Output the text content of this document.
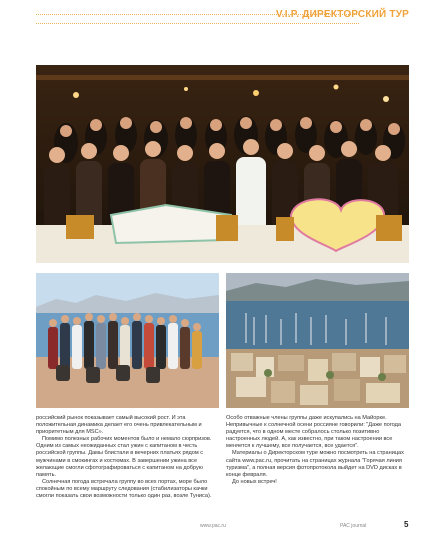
V.I.P. ДИРЕКТОРСКИЙ ТУР

российский рынок показывает самый высокий рост. И эта положительная динамика делает его очень привлекательным и приоритетным для MSC».

Помимо полезных рабочих моментов было и немало сюрпризов. Одним из самых неожиданных стал ужин с капитаном в честь российской группы. Дамы блистали в вечерних платьях рядом с мужчинами в смокингах и костюмах. В завершении ужина все желающие смогли сфотографироваться с капитаном на добрую память.

Солнечная погода встречала группу во всех портах, море было спокойным по всему маршруту следования (стабилизаторы качки смогли показать свои возможности только один раз, возле Туниса).

Особо отважные члены группы даже искупались на Майорке. Непривычные к солнечной осени россияне говорили: "Даже погода радуется, что в одном месте собралось столько позитивно настроенных людей. А, как известно, при таком настроении все меняется к лучшему, все получается, все удается".

Материалы о Директорском туре можно посмотреть на страницах сайта www.pac.ru, прочитать на страницах журнала "Горячая линия туризма", а полная версия фотопротокола выйдет на DVD дисках в конце февраля.

До новых встреч!

www.pac.ru	PAC journal	5
